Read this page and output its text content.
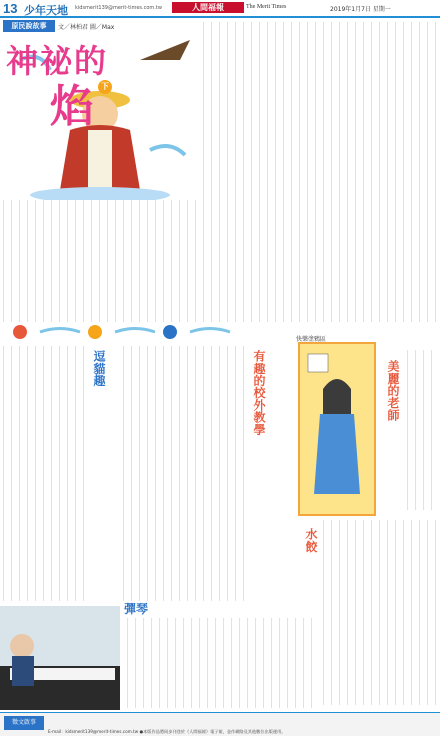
13 少年天地 kidsmerit139@merit-times.com.tw	人間福報	The Merit Times	2019年1月7日 星期一
原民說故事	文／林柏君 圖／Max
神祕的
焰 下
逗貓趣	有趣的校外教學
快樂塗鴉區
美麗的老師
水餃
彈琴
徵文啟事
E-mail：kidsmerit139@merit-times.com.tw ●本版作品將同步刊登於《人間福報》電子報，並作網路及其他數位出版運用。
